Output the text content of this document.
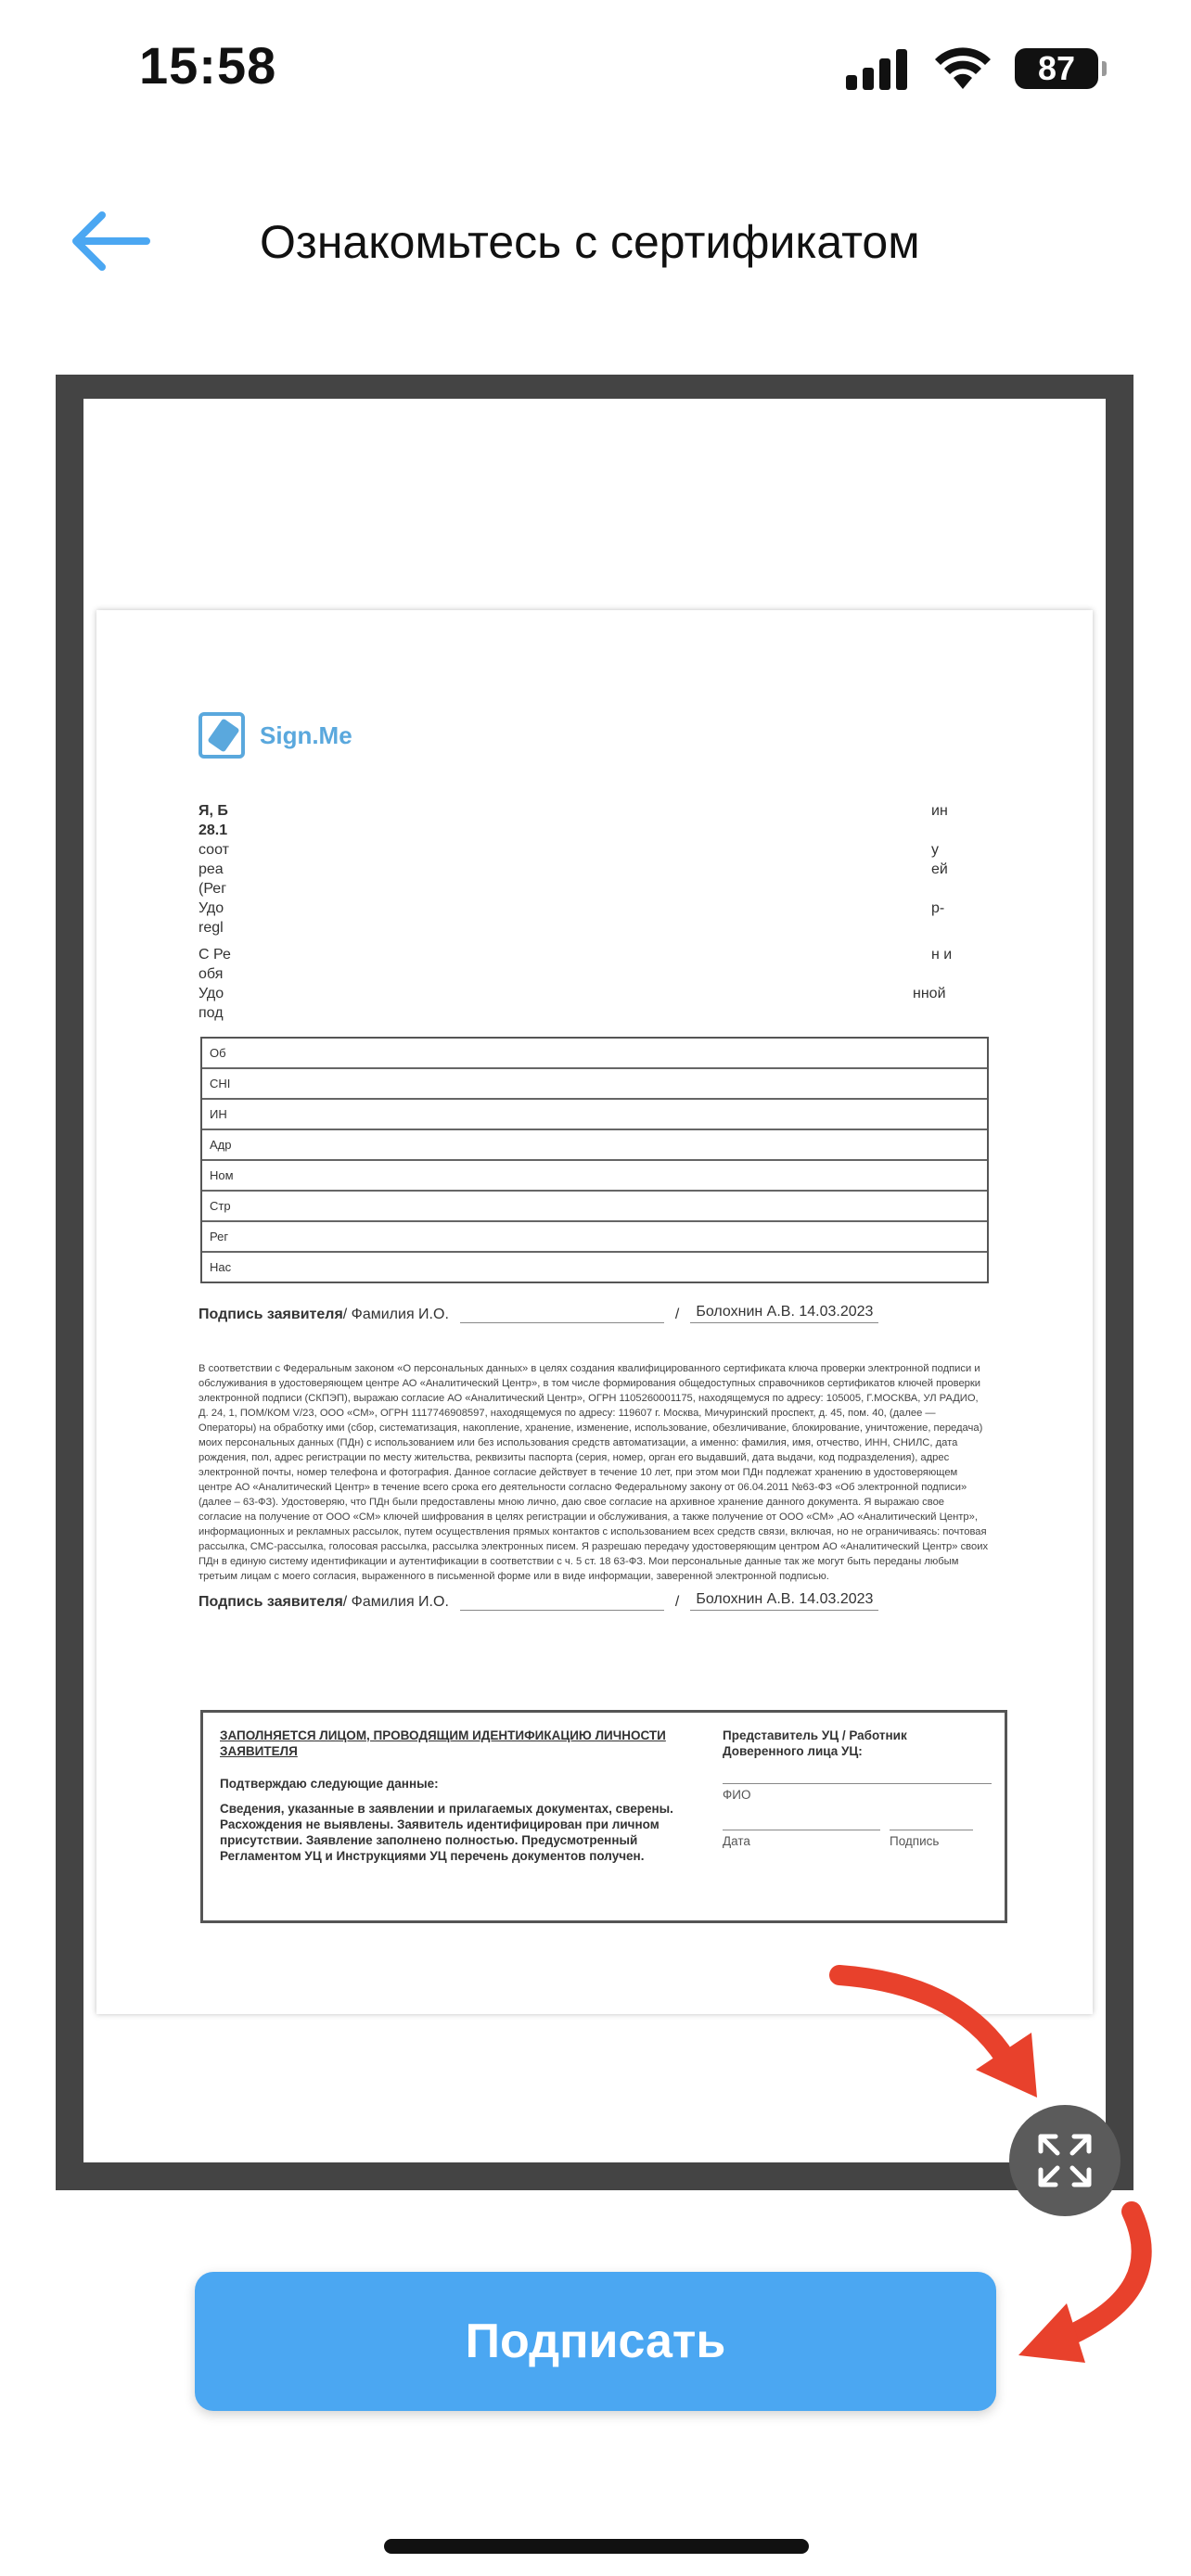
15:58	87
Ознакомьтесь с сертификатом
Sign.Me
Я, Б
28.1
соот
реа
(Рег
Удо
regl
С Ре
обя
Удо
под
ин

у
ей

р-

н и

нной
Об
СНІ
ИН
Адр
Ном
Стр
Рег
Нас
Подпись заявителя / Фамилия И.О.	/	Болохнин А.В. 14.03.2023
В соответствии с Федеральным законом «О персональных данных» в целях создания квалифицированного сертификата ключа проверки электронной подписи и обслуживания в удостоверяющем центре АО «Аналитический Центр», в том числе формирования общедоступных справочников сертификатов ключей проверки электронной подписи (СКПЭП), выражаю согласие АО «Аналитический Центр», ОГРН 1105260001175, находящемуся по адресу: 105005, Г.МОСКВА, УЛ РАДИО, Д. 24, 1, ПОМ/КОМ V/23, ООО «СМ», ОГРН 1117746908597, находящемуся по адресу: 119607 г. Москва, Мичуринский проспект, д. 45, пом. 40, (далее — Операторы) на обработку ими (сбор, систематизация, накопление, хранение, изменение, использование, обезличивание, блокирование, уничтожение, передача) моих персональных данных (ПДн) с использованием или без использования средств автоматизации, а именно: фамилия, имя, отчество, ИНН, СНИЛС, дата рождения, пол, адрес регистрации по месту жительства, реквизиты паспорта (серия, номер, орган его выдавший, дата выдачи, код подразделения), адрес электронной почты, номер телефона и фотография. Данное согласие действует в течение 10 лет, при этом мои ПДн подлежат хранению в удостоверяющем центре АО «Аналитический Центр» в течение всего срока его деятельности согласно Федеральному закону от 06.04.2011 №63-ФЗ «Об электронной подписи» (далее – 63-ФЗ). Удостоверяю, что ПДн были предоставлены мною лично, даю свое согласие на архивное хранение данного документа. Я выражаю свое согласие на получение от ООО «СМ» ключей шифрования в целях регистрации и обслуживания, а также получение от ООО «СМ» ,АО «Аналитический Центр», информационных и рекламных рассылок, путем осуществления прямых контактов с использованием всех средств связи, включая, но не ограничиваясь: почтовая рассылка, СМС-рассылка, голосовая рассылка, рассылка электронных писем. Я разрешаю передачу удостоверяющим центром АО «Аналитический Центр» своих ПДн в единую систему идентификации и аутентификации в соответствии с ч. 5 ст. 18 63-ФЗ. Мои персональные данные так же могут быть переданы любым третьим лицам с моего согласия, выраженного в письменной форме или в виде информации, заверенной электронной подписью.
Подпись заявителя / Фамилия И.О.	/	Болохнин А.В. 14.03.2023

ЗАПОЛНЯЕТСЯ ЛИЦОМ, ПРОВОДЯЩИМ ИДЕНТИФИКАЦИЮ ЛИЧНОСТИ ЗАЯВИТЕЛЯ

Подтверждаю следующие данные:

Сведения, указанные в заявлении и прилагаемых документах, сверены. Расхождения не выявлены. Заявитель идентифицирован при личном присутствии. Заявление заполнено полностью. Предусмотренный Регламентом УЦ и Инструкциями УЦ перечень документов получен.

Представитель УЦ / Работник Доверенного лица УЦ:
ФИО
Дата	Подпись
Подписать
